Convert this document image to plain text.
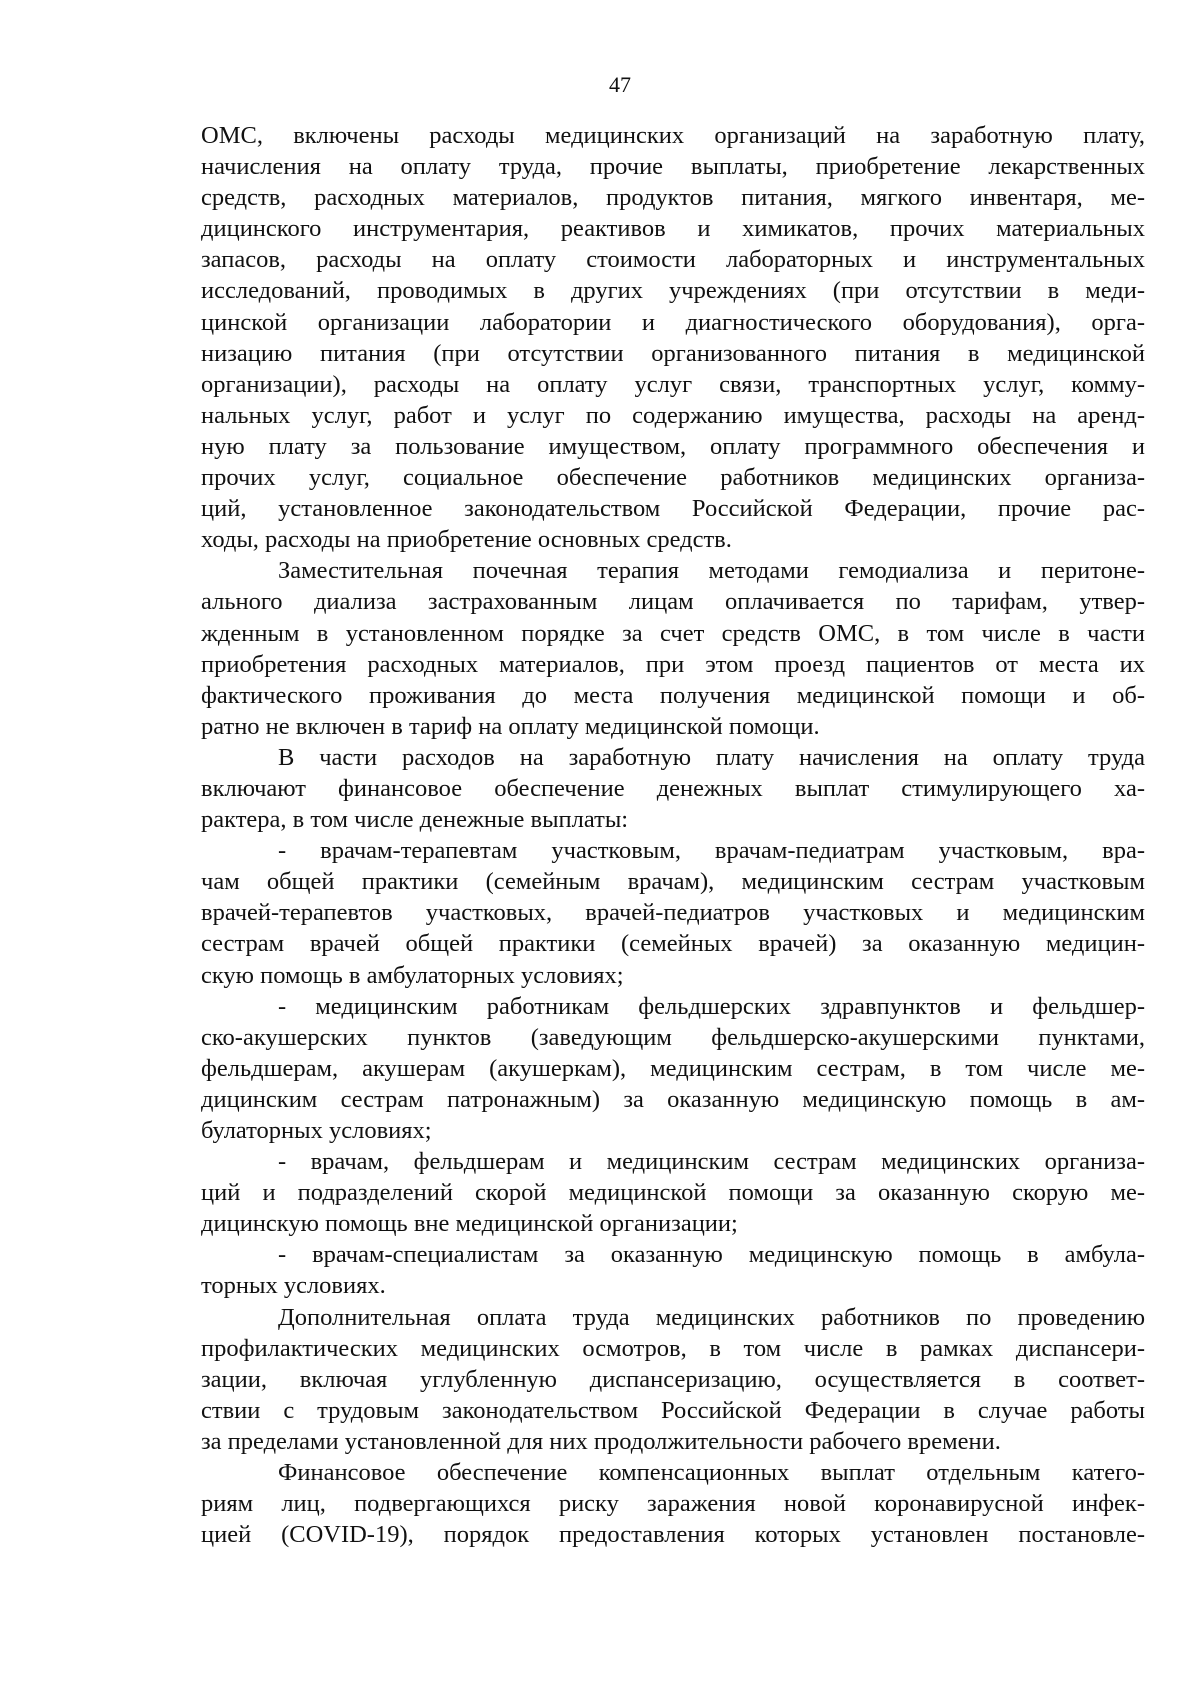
47
ОМС, включены расходы медицинских организаций на заработную плату,
начисления на оплату труда, прочие выплаты, приобретение лекарственных
средств, расходных материалов, продуктов питания, мягкого инвентаря, ме-
дицинского инструментария, реактивов и химикатов, прочих материальных
запасов, расходы на оплату стоимости лабораторных и инструментальных
исследований, проводимых в других учреждениях (при отсутствии в меди-
цинской организации лаборатории и диагностического оборудования), орга-
низацию питания (при отсутствии организованного питания в медицинской
организации), расходы на оплату услуг связи, транспортных услуг, комму-
нальных услуг, работ и услуг по содержанию имущества, расходы на аренд-
ную плату за пользование имуществом, оплату программного обеспечения и
прочих услуг, социальное обеспечение работников медицинских организа-
ций, установленное законодательством Российской Федерации, прочие рас-
ходы, расходы на приобретение основных средств.
Заместительная почечная терапия методами гемодиализа и перитоне-
ального диализа застрахованным лицам оплачивается по тарифам, утвер-
жденным в установленном порядке за счет средств ОМС, в том числе в части
приобретения расходных материалов, при этом проезд пациентов от места их
фактического проживания до места получения медицинской помощи и об-
ратно не включен в тариф на оплату медицинской помощи.
В части расходов на заработную плату начисления на оплату труда
включают финансовое обеспечение денежных выплат стимулирующего ха-
рактера, в том числе денежные выплаты:
- врачам-терапевтам участковым, врачам-педиатрам участковым, вра-
чам общей практики (семейным врачам), медицинским сестрам участковым
врачей-терапевтов участковых, врачей-педиатров участковых и медицинским
сестрам врачей общей практики (семейных врачей) за оказанную медицин-
скую помощь в амбулаторных условиях;
- медицинским работникам фельдшерских здравпунктов и фельдшер-
ско-акушерских пунктов (заведующим фельдшерско-акушерскими пунктами,
фельдшерам, акушерам (акушеркам), медицинским сестрам, в том числе ме-
дицинским сестрам патронажным) за оказанную медицинскую помощь в ам-
булаторных условиях;
- врачам, фельдшерам и медицинским сестрам медицинских организа-
ций и подразделений скорой медицинской помощи за оказанную скорую ме-
дицинскую помощь вне медицинской организации;
- врачам-специалистам за оказанную медицинскую помощь в амбула-
торных условиях.
Дополнительная оплата труда медицинских работников по проведению
профилактических медицинских осмотров, в том числе в рамках диспансери-
зации, включая углубленную диспансеризацию, осуществляется в соответ-
ствии с трудовым законодательством Российской Федерации в случае работы
за пределами установленной для них продолжительности рабочего времени.
Финансовое обеспечение компенсационных выплат отдельным катего-
риям лиц, подвергающихся риску заражения новой коронавирусной инфек-
цией (COVID-19), порядок предоставления которых установлен постановле-
